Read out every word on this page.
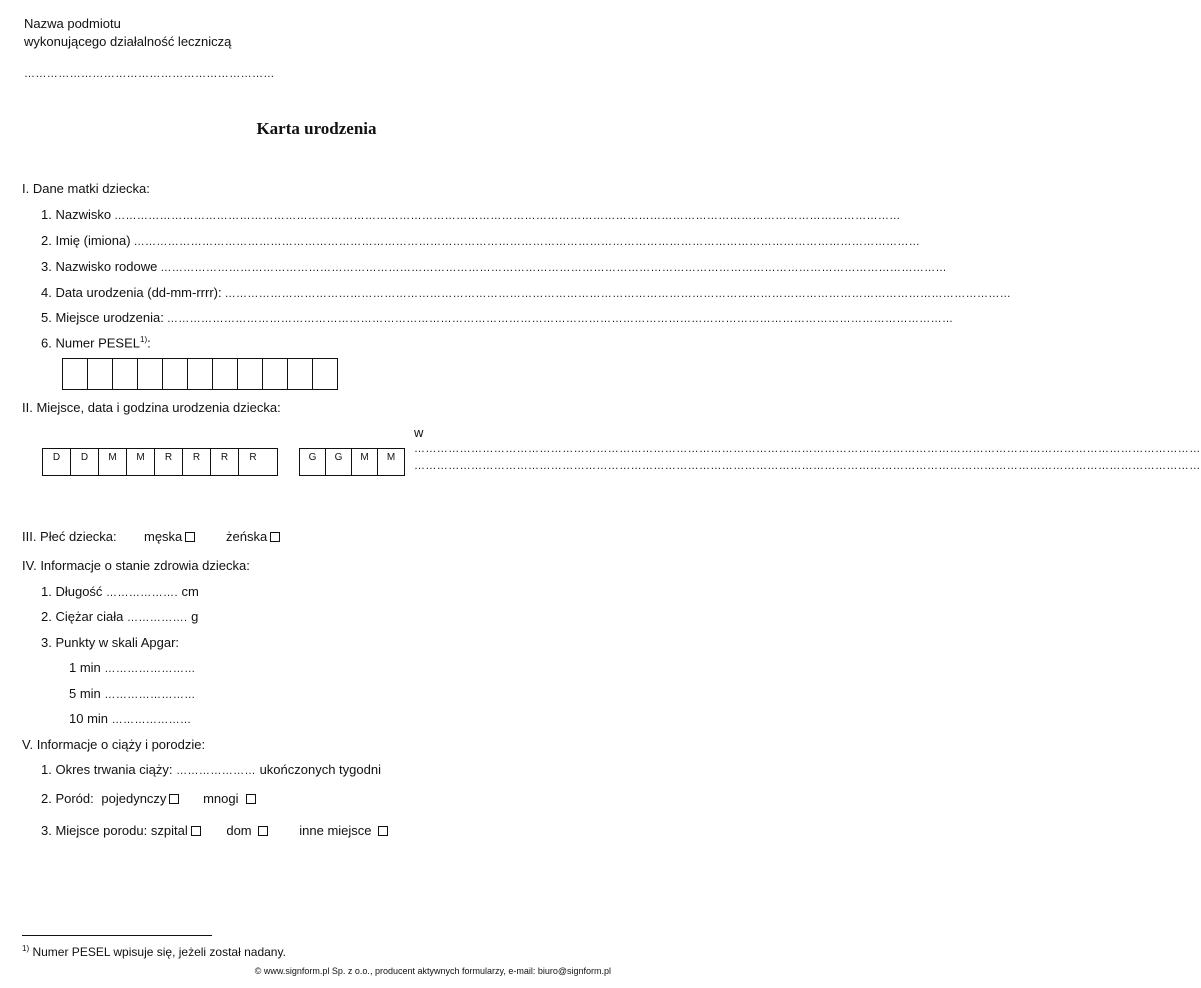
Nazwa podmiotu
wykonującego działalność leczniczą
…………………………………………………………
Karta urodzenia
I. Dane matki dziecka:
1. Nazwisko ………………………………………………………………………………………………………………………………………………………………………………………
2. Imię (imiona) ………………………………………………………………………………………………………………………………………………………………………………………
3. Nazwisko rodowe ………………………………………………………………………………………………………………………………………………………………………………………
4. Data urodzenia (dd-mm-rrrr): ………………………………………………………………………………………………………………………………………………………………………………………
5. Miejsce urodzenia: ………………………………………………………………………………………………………………………………………………………………………………………
6. Numer PESEL$^{1)}$:

II. Miejsce, data i godzina urodzenia dziecka:
D	D	M	M	R	R	R	R	G	G	M	M
w
………………………………………………………………………………………………………………………………………………………………………………………
………………………………………………………………………………………………………………………………………………………………………………………
III. Płeć dziecka: męska	żeńska
IV. Informacje o stanie zdrowia dziecka:
1. Długość ………………. cm
2. Ciężar ciała ……………. g
3. Punkty w skali Apgar:
1 min ……………………
5 min ……………………
10 min …………………
V. Informacje o ciąży i porodzie:
1. Okres trwania ciąży: ………………… ukończonych tygodni
2. Poród: pojedynczy	mnogi
3. Miejsce porodu: szpital	dom	inne miejsce
$^{1)}$ Numer PESEL wpisuje się, jeżeli został nadany.
© www.signform.pl Sp. z o.o., producent aktywnych formularzy, e-mail: biuro@signform.pl
